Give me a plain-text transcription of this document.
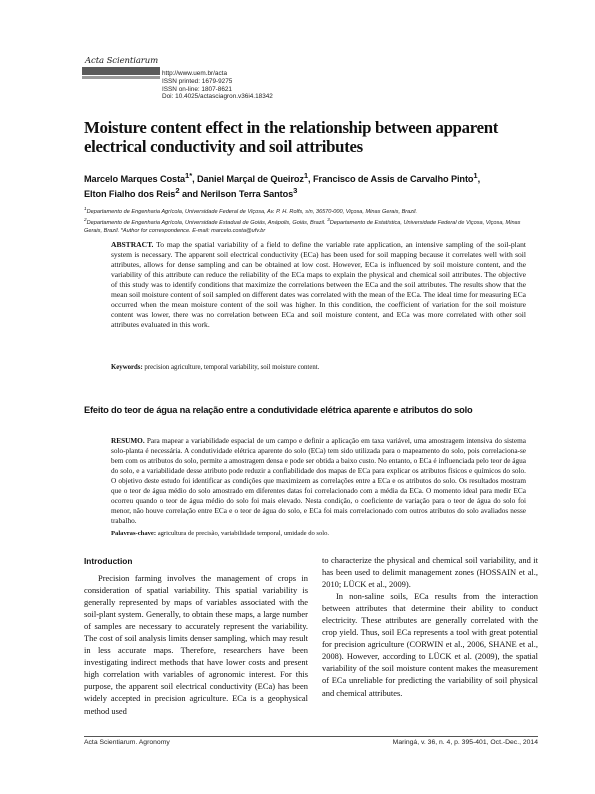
Acta Scientiarum
http://www.uem.br/acta
ISSN printed: 1679-9275
ISSN on-line: 1807-8621
Doi: 10.4025/actasciagron.v36i4.18342
Moisture content effect in the relationship between apparent electrical conductivity and soil attributes
Marcelo Marques Costa$^{1*}$, Daniel Marçal de Queiroz$^1$, Francisco de Assis de Carvalho Pinto$^1$,
Elton Fialho dos Reis$^2$ and Nerilson Terra Santos$^3$
$^1$Departamento de Engenharia Agrícola, Universidade Federal de Viçosa, Av. P. H. Rolfs, s/n, 36570-000, Viçosa, Minas Gerais, Brazil.
$^2$Departamento de Engenharia Agrícola, Universidade Estadual de Goiás, Anápolis, Goiás, Brazil. $^3$Departamento de Estatística, Universidade Federal de Viçosa, Viçosa, Minas Gerais, Brazil. *Author for correspondence. E-mail: marcelo.costa@ufv.br
ABSTRACT. To map the spatial variability of a field to define the variable rate application, an intensive sampling of the soil-plant system is necessary. The apparent soil electrical conductivity (ECa) has been used for soil mapping because it correlates well with soil attributes, allows for dense sampling and can be obtained at low cost. However, ECa is influenced by soil moisture content, and the variability of this attribute can reduce the reliability of the ECa maps to explain the physical and chemical soil attributes. The objective of this study was to identify conditions that maximize the correlations between the ECa and the soil attributes. The results show that the mean soil moisture content of soil sampled on different dates was correlated with the mean of the ECa. The ideal time for measuring ECa occurred when the mean moisture content of the soil was higher. In this condition, the coefficient of variation for the soil moisture content was lower, there was no correlation between ECa and soil moisture content, and ECa was more correlated with other soil attributes evaluated in this work.
Keywords: precision agriculture, temporal variability, soil moisture content.
Efeito do teor de água na relação entre a condutividade elétrica aparente e atributos do solo
RESUMO. Para mapear a variabilidade espacial de um campo e definir a aplicação em taxa variável, uma amostragem intensiva do sistema solo-planta é necessária. A condutividade elétrica aparente do solo (ECa) tem sido utilizada para o mapeamento do solo, pois correlaciona-se bem com os atributos do solo, permite a amostragem densa e pode ser obtida a baixo custo. No entanto, o ECa é influenciada pelo teor de água do solo, e a variabilidade desse atributo pode reduzir a confiabilidade dos mapas de ECa para explicar os atributos físicos e químicos do solo. O objetivo deste estudo foi identificar as condições que maximizem as correlações entre a ECa e os atributos do solo. Os resultados mostram que o teor de água médio do solo amostrado em diferentes datas foi correlacionado com a média da ECa. O momento ideal para medir ECa ocorreu quando o teor de água médio do solo foi mais elevado. Nesta condição, o coeficiente de variação para o teor de água do solo foi menor, não houve correlação entre ECa e o teor de água do solo, e ECa foi mais correlacionado com outros atributos do solo avaliados nesse trabalho.
Palavras-chave: agricultura de precisão, variabilidade temporal, umidade do solo.
Introduction

Precision farming involves the management of crops in consideration of spatial variability. This spatial variability is generally represented by maps of variables associated with the soil-plant system. Generally, to obtain these maps, a large number of samples are necessary to accurately represent the variability. The cost of soil analysis limits denser sampling, which may result in less accurate maps. Therefore, researchers have been investigating indirect methods that have lower costs and present high correlation with variables of agronomic interest. For this purpose, the apparent soil electrical conductivity (ECa) has been widely accepted in precision agriculture. ECa is a geophysical method used

to characterize the physical and chemical soil variability, and it has been used to delimit management zones (HOSSAIN et al., 2010; LÜCK et al., 2009).

In non-saline soils, ECa results from the interaction between attributes that determine their ability to conduct electricity. These attributes are generally correlated with the crop yield. Thus, soil ECa represents a tool with great potential for precision agriculture (CORWIN et al., 2006, SHANE et al., 2008). However, according to LÜCK et al. (2009), the spatial variability of the soil moisture content makes the measurement of ECa unreliable for predicting the variability of soil physical and chemical attributes.

Acta Scientiarum. Agronomy	Maringá, v. 36, n. 4, p. 395-401, Oct.-Dec., 2014
